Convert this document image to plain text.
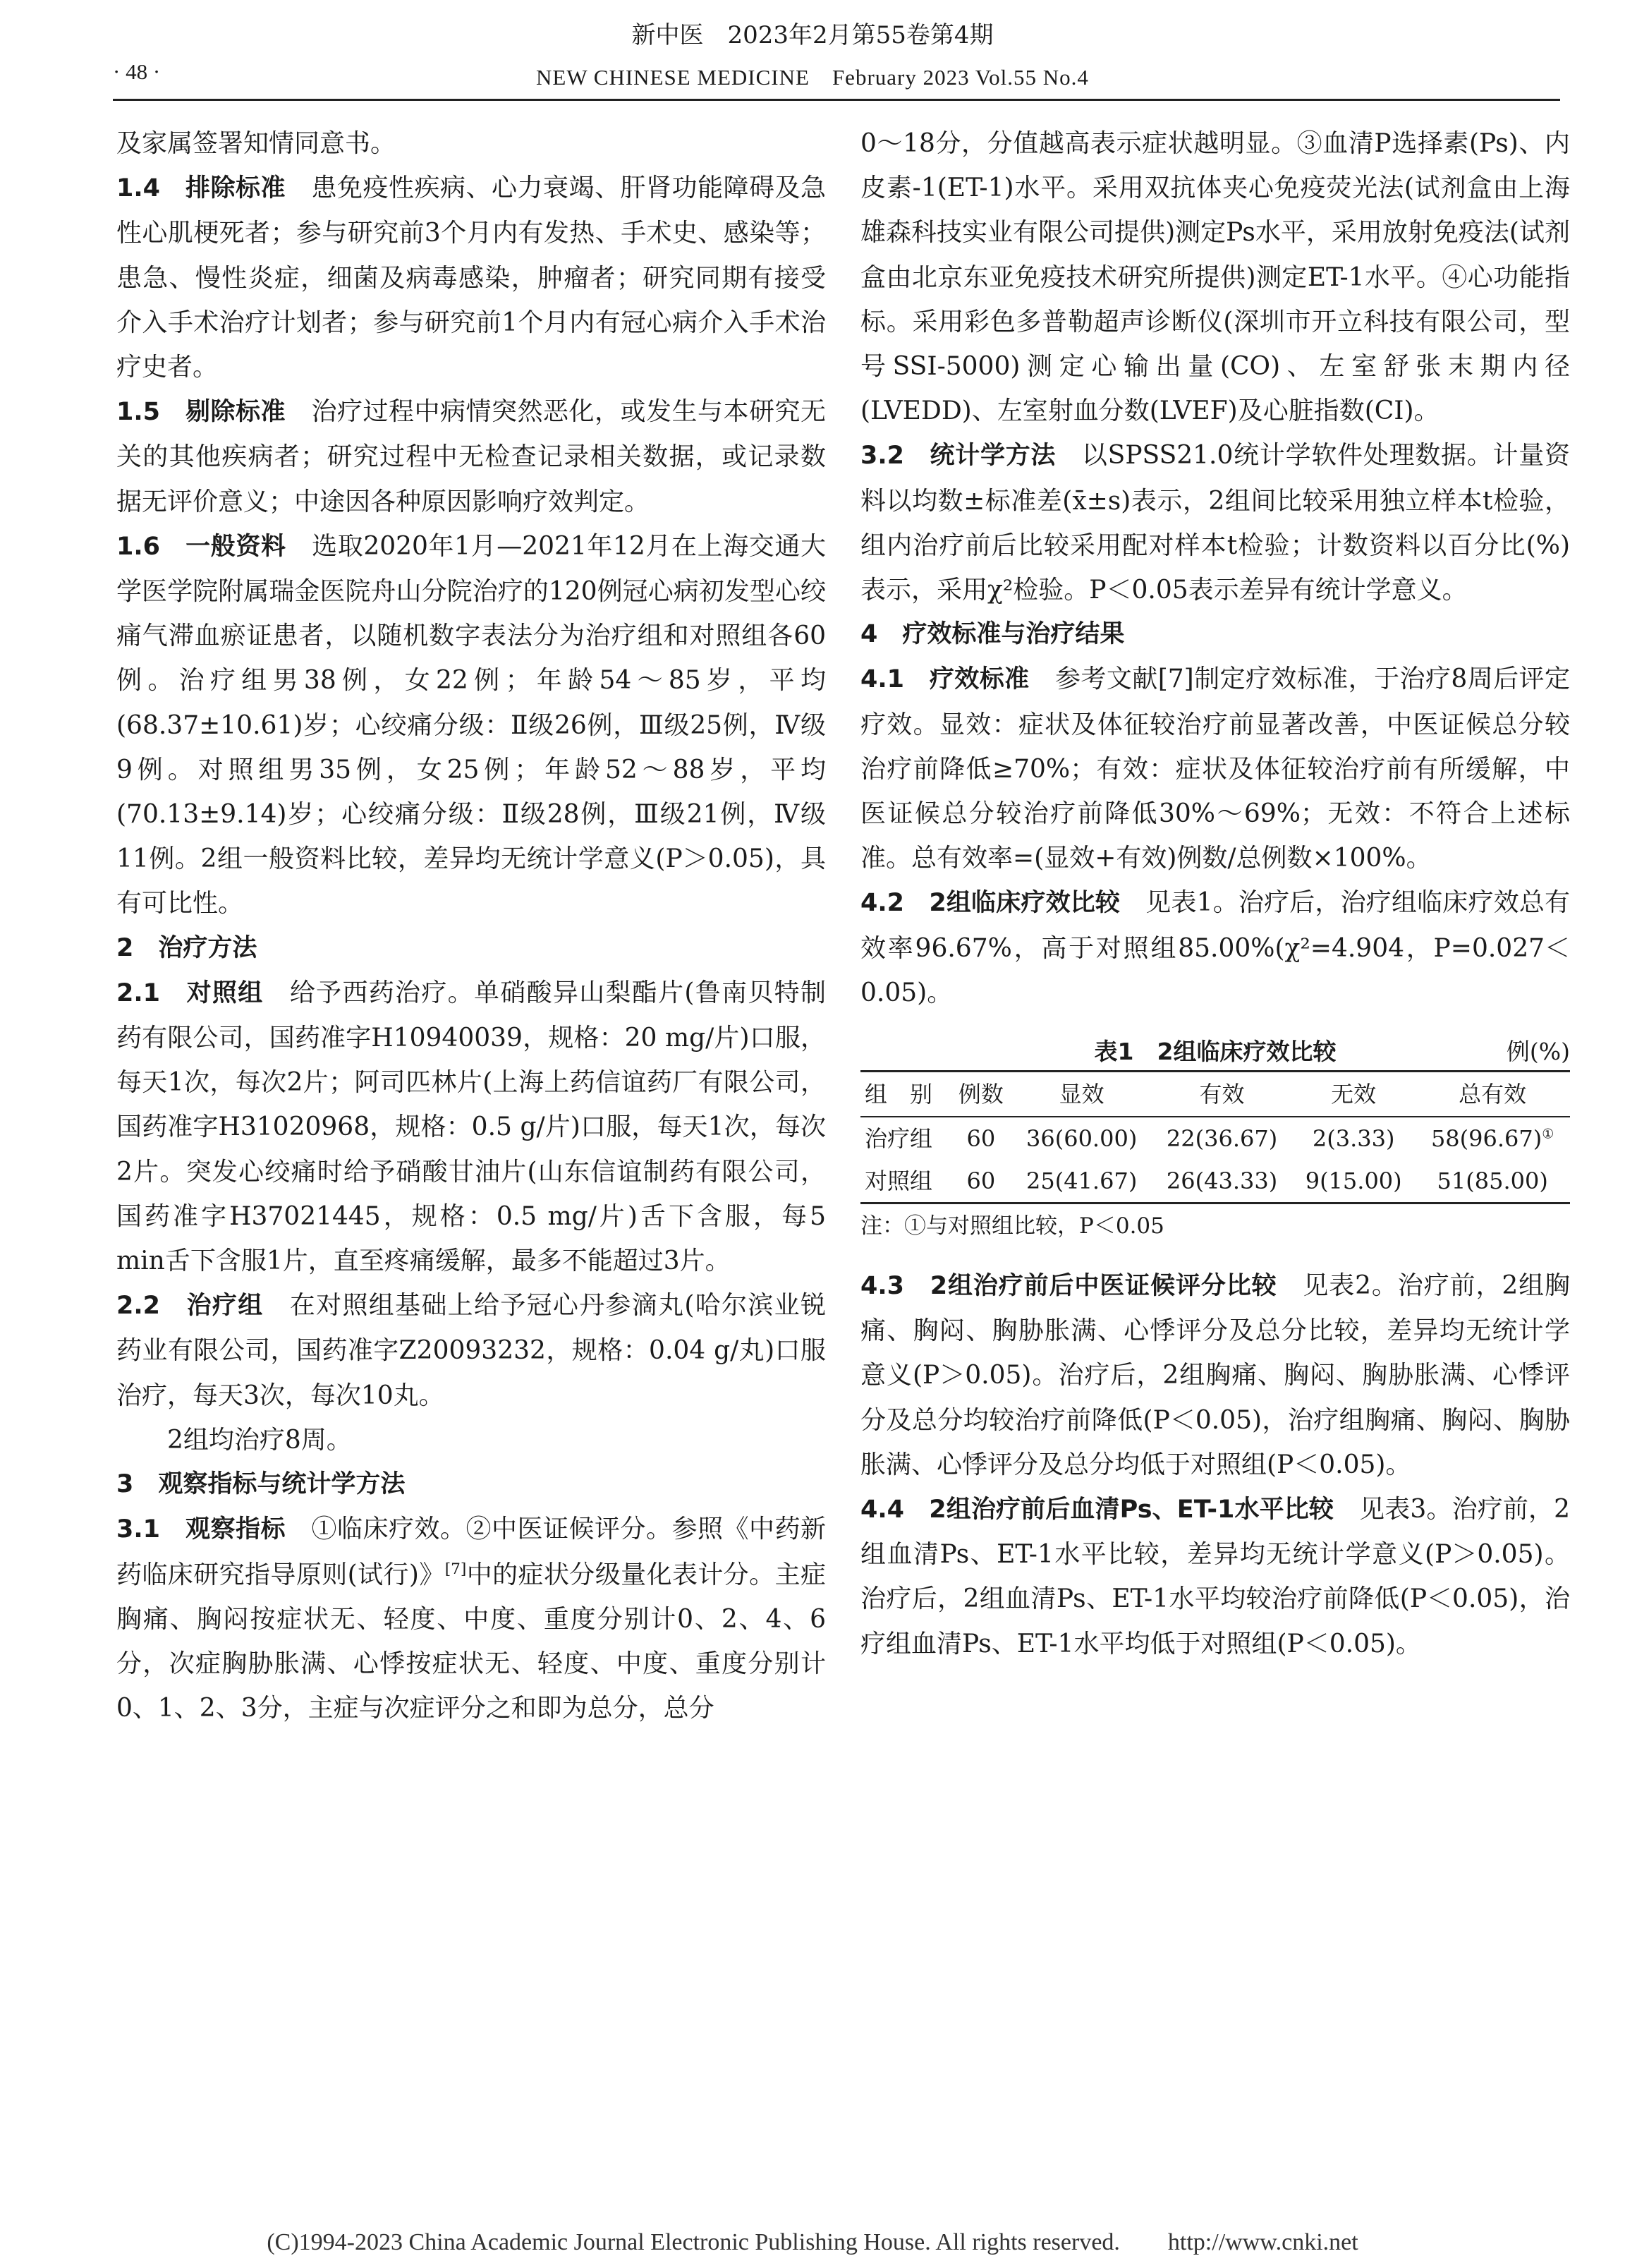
新中医　2023年2月第55卷第4期
· 48 ·	NEW CHINESE MEDICINE　February 2023 Vol.55 No.4

及家属签署知情同意书。

1.4　排除标准　患免疫性疾病、心力衰竭、肝肾功能障碍及急性心肌梗死者；参与研究前3个月内有发热、手术史、感染等；患急、慢性炎症，细菌及病毒感染，肿瘤者；研究同期有接受介入手术治疗计划者；参与研究前1个月内有冠心病介入手术治疗史者。

1.5　剔除标准　治疗过程中病情突然恶化，或发生与本研究无关的其他疾病者；研究过程中无检查记录相关数据，或记录数据无评价意义；中途因各种原因影响疗效判定。

1.6　一般资料　选取2020年1月—2021年12月在上海交通大学医学院附属瑞金医院舟山分院治疗的120例冠心病初发型心绞痛气滞血瘀证患者，以随机数字表法分为治疗组和对照组各60例。治疗组男38例，女22例；年龄54～85岁，平均(68.37±10.61)岁；心绞痛分级：Ⅱ级26例，Ⅲ级25例，Ⅳ级9例。对照组男35例，女25例；年龄52～88岁，平均(70.13±9.14)岁；心绞痛分级：Ⅱ级28例，Ⅲ级21例，Ⅳ级11例。2组一般资料比较，差异均无统计学意义(P＞0.05)，具有可比性。

2　治疗方法

2.1　对照组　给予西药治疗。单硝酸异山梨酯片(鲁南贝特制药有限公司，国药准字H10940039，规格：20 mg/片)口服，每天1次，每次2片；阿司匹林片(上海上药信谊药厂有限公司，国药准字H31020968，规格：0.5 g/片)口服，每天1次，每次2片。突发心绞痛时给予硝酸甘油片(山东信谊制药有限公司，国药准字H37021445，规格：0.5 mg/片)舌下含服，每5 min舌下含服1片，直至疼痛缓解，最多不能超过3片。

2.2　治疗组　在对照组基础上给予冠心丹参滴丸(哈尔滨业锐药业有限公司，国药准字Z20093232，规格：0.04 g/丸)口服治疗，每天3次，每次10丸。

2组均治疗8周。

3　观察指标与统计学方法

3.1　观察指标　①临床疗效。②中医证候评分。参照《中药新药临床研究指导原则(试行)》[7]中的症状分级量化表计分。主症胸痛、胸闷按症状无、轻度、中度、重度分别计0、2、4、6分，次症胸胁胀满、心悸按症状无、轻度、中度、重度分别计0、1、2、3分，主症与次症评分之和即为总分，总分

0～18分，分值越高表示症状越明显。③血清P选择素(Ps)、内皮素-1(ET-1)水平。采用双抗体夹心免疫荧光法(试剂盒由上海雄森科技实业有限公司提供)测定Ps水平，采用放射免疫法(试剂盒由北京东亚免疫技术研究所提供)测定ET-1水平。④心功能指标。采用彩色多普勒超声诊断仪(深圳市开立科技有限公司，型号SSI-5000)测定心输出量(CO)、左室舒张末期内径(LVEDD)、左室射血分数(LVEF)及心脏指数(CI)。

3.2　统计学方法　以SPSS21.0统计学软件处理数据。计量资料以均数±标准差(x̄±s)表示，2组间比较采用独立样本t检验，组内治疗前后比较采用配对样本t检验；计数资料以百分比(%)表示，采用χ²检验。P＜0.05表示差异有统计学意义。

4　疗效标准与治疗结果

4.1　疗效标准　参考文献[7]制定疗效标准，于治疗8周后评定疗效。显效：症状及体征较治疗前显著改善，中医证候总分较治疗前降低≥70%；有效：症状及体征较治疗前有所缓解，中医证候总分较治疗前降低30%～69%；无效：不符合上述标准。总有效率=(显效+有效)例数/总例数×100%。

4.2　2组临床疗效比较　见表1。治疗后，治疗组临床疗效总有效率96.67%，高于对照组85.00%(χ²=4.904，P=0.027＜0.05)。

表1　2组临床疗效比较	例(%)
组　别	例数	显效	有效	无效	总有效
治疗组	60	36(60.00)	22(36.67)	2(3.33)	58(96.67)①
对照组	60	25(41.67)	26(43.33)	9(15.00)	51(85.00)
注：①与对照组比较，P＜0.05

4.3　2组治疗前后中医证候评分比较　见表2。治疗前，2组胸痛、胸闷、胸胁胀满、心悸评分及总分比较，差异均无统计学意义(P＞0.05)。治疗后，2组胸痛、胸闷、胸胁胀满、心悸评分及总分均较治疗前降低(P＜0.05)，治疗组胸痛、胸闷、胸胁胀满、心悸评分及总分均低于对照组(P＜0.05)。

4.4　2组治疗前后血清Ps、ET-1水平比较　见表3。治疗前，2组血清Ps、ET-1水平比较，差异均无统计学意义(P＞0.05)。治疗后，2组血清Ps、ET-1水平均较治疗前降低(P＜0.05)，治疗组血清Ps、ET-1水平均低于对照组(P＜0.05)。

(C)1994-2023 China Academic Journal Electronic Publishing House. All rights reserved.　　http://www.cnki.net
